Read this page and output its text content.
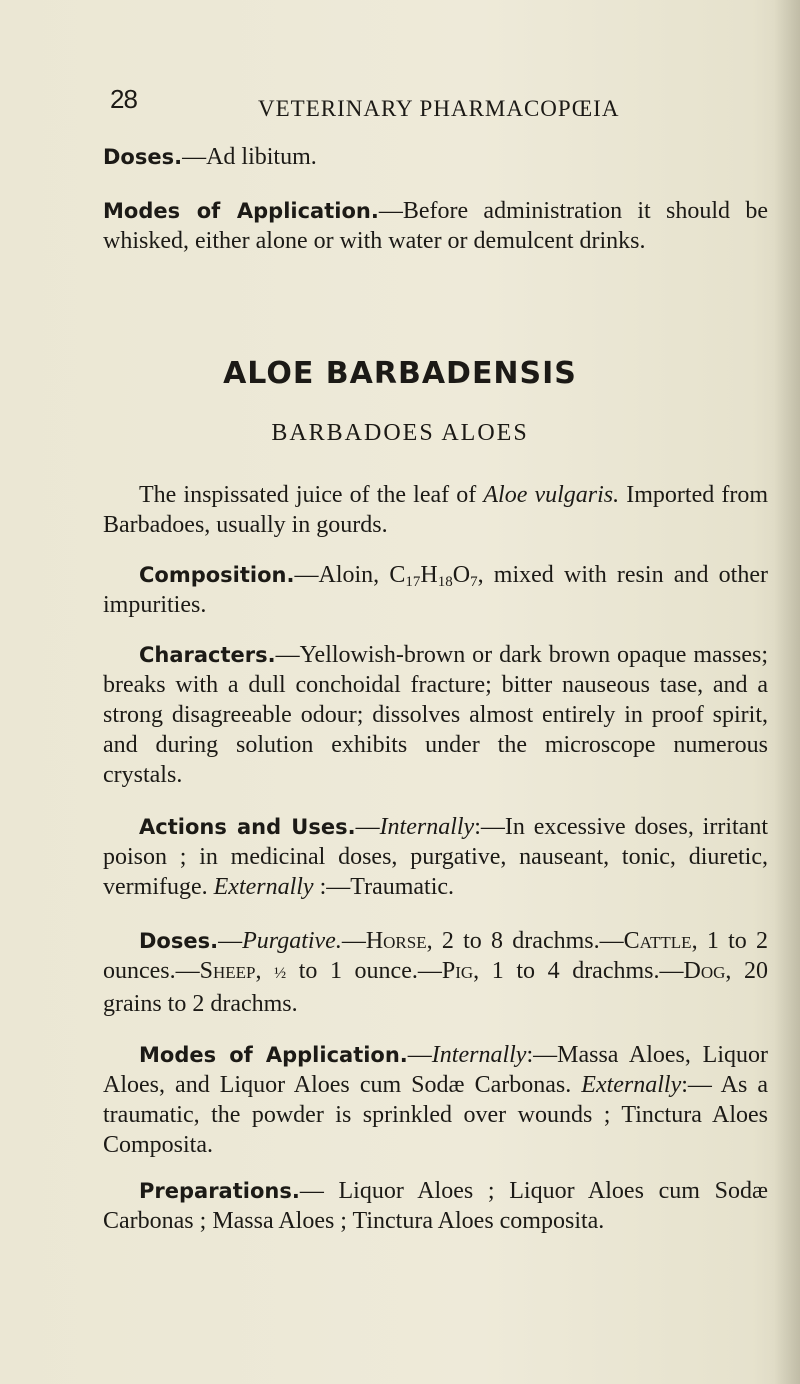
28	VETERINARY PHARMACOPŒIA

Doses.—Ad libitum.

Modes of Application.—Before administration it should be whisked, either alone or with water or demulcent drinks.

ALOE BARBADENSIS
BARBADOES ALOES

The inspissated juice of the leaf of Aloe vulgaris. Imported from Barbadoes, usually in gourds.

Composition.—Aloin, $C_{17}H_{18}O_7$, mixed with resin and other impurities.

Characters.—Yellowish-brown or dark brown opaque masses; breaks with a dull conchoidal fracture; bitter nauseous tase, and a strong disagreeable odour; dissolves almost entirely in proof spirit, and during solution exhibits under the microscope numerous crystals.

Actions and Uses.—Internally:—In excessive doses, irritant poison ; in medicinal doses, purgative, nauseant, tonic, diuretic, vermifuge. Externally :—Traumatic.

Doses.—Purgative.—Horse, 2 to 8 drachms.—Cattle, 1 to 2 ounces.—Sheep, ½ to 1 ounce.—Pig, 1 to 4 drachms.—Dog, 20 grains to 2 drachms.

Modes of Application.—Internally:—Massa Aloes, Liquor Aloes, and Liquor Aloes cum Sodæ Carbonas. Externally:— As a traumatic, the powder is sprinkled over wounds ; Tinctura Aloes Composita.

Preparations.— Liquor Aloes ; Liquor Aloes cum Sodæ Carbonas ; Massa Aloes ; Tinctura Aloes composita.
